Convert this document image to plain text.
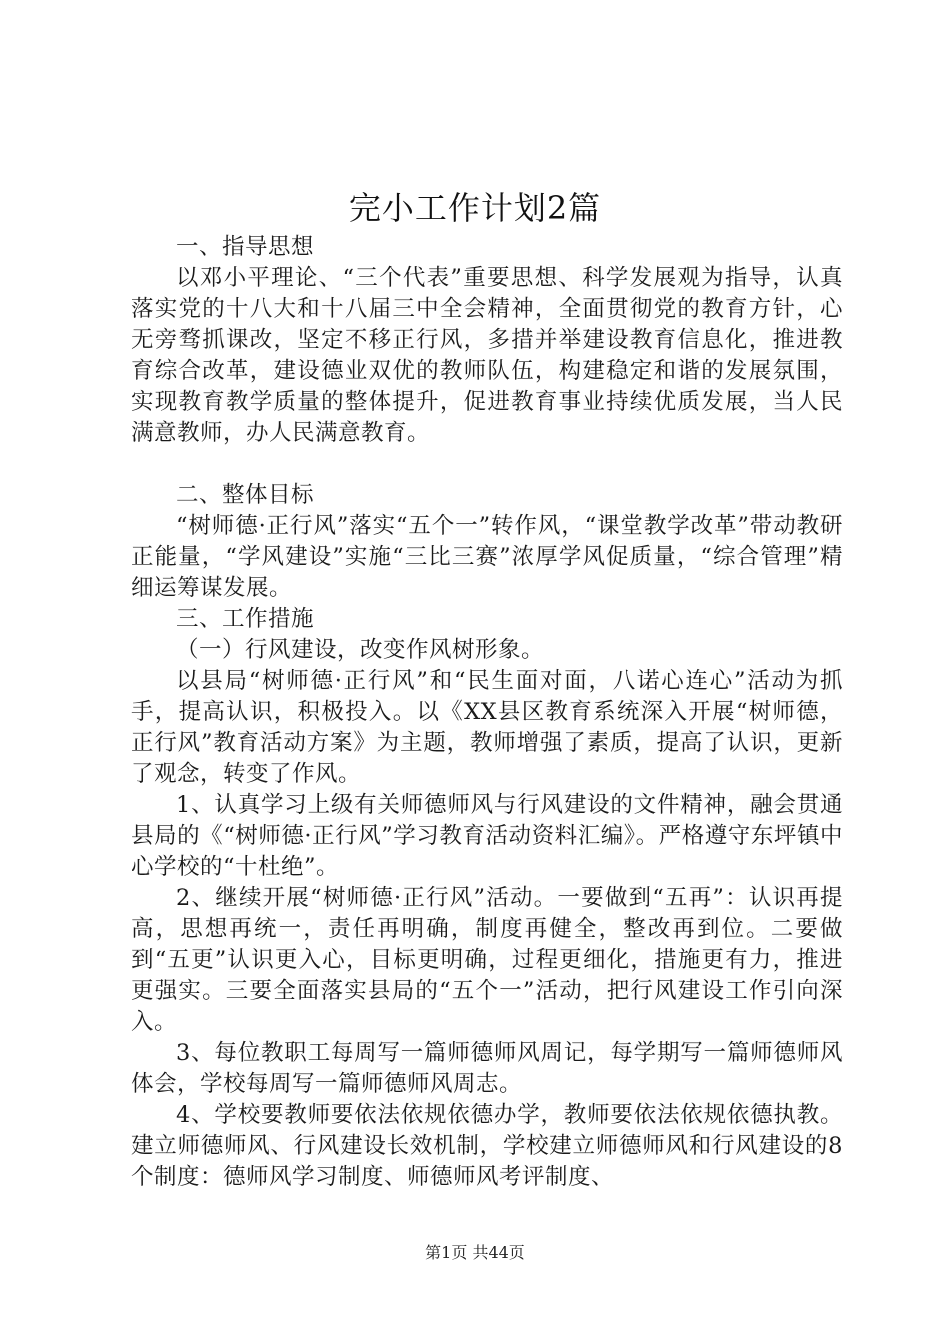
完小工作计划2篇

一、指导思想

以邓小平理论、“三个代表”重要思想、科学发展观为指导，认真落实党的十八大和十八届三中全会精神，全面贯彻党的教育方针，心无旁骛抓课改，坚定不移正行风，多措并举建设教育信息化，推进教育综合改革，建设德业双优的教师队伍，构建稳定和谐的发展氛围，实现教育教学质量的整体提升，促进教育事业持续优质发展，当人民满意教师，办人民满意教育。

二、整体目标

“树师德·正行风”落实“五个一”转作风，“课堂教学改革”带动教研正能量，“学风建设”实施“三比三赛”浓厚学风促质量，“综合管理”精细运筹谋发展。

三、工作措施

（一）行风建设，改变作风树形象。

以县局“树师德·正行风”和“民生面对面，八诺心连心”活动为抓手，提高认识，积极投入。以《XX县区教育系统深入开展“树师德，正行风”教育活动方案》为主题，教师增强了素质，提高了认识，更新了观念，转变了作风。

1、认真学习上级有关师德师风与行风建设的文件精神，融会贯通县局的《“树师德·正行风”学习教育活动资料汇编》。严格遵守东坪镇中心学校的“十杜绝”。

2、继续开展“树师德·正行风”活动。一要做到“五再”：认识再提高，思想再统一，责任再明确，制度再健全，整改再到位。二要做到“五更”认识更入心，目标更明确，过程更细化，措施更有力，推进更强实。三要全面落实县局的“五个一”活动，把行风建设工作引向深入。

3、每位教职工每周写一篇师德师风周记，每学期写一篇师德师风体会，学校每周写一篇师德师风周志。

4、学校要教师要依法依规依德办学，教师要依法依规依德执教。建立师德师风、行风建设长效机制，学校建立师德师风和行风建设的8个制度：德师风学习制度、师德师风考评制度、

第1页 共44页
